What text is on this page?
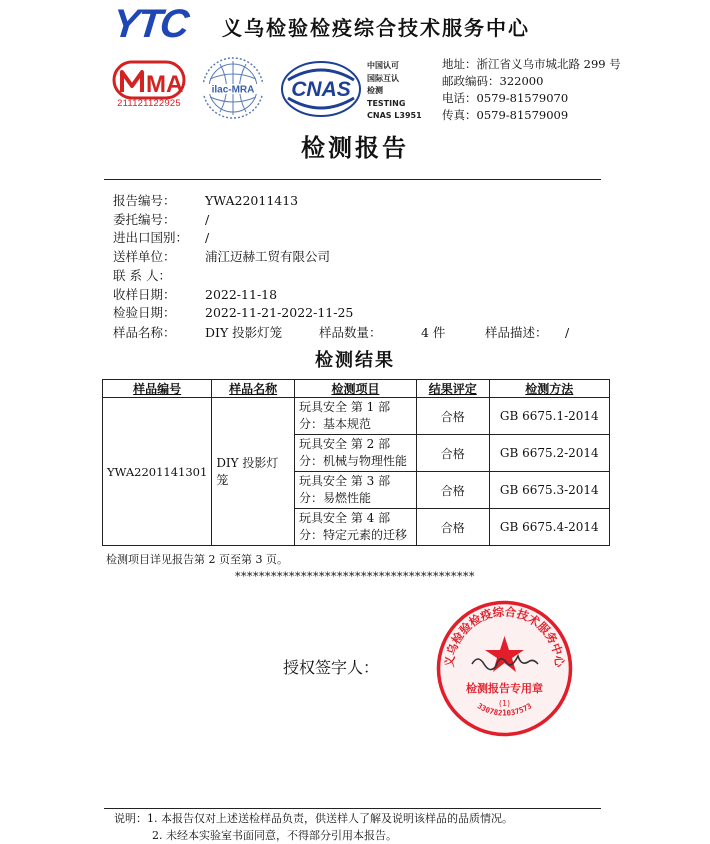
YTC 义乌检验检疫综合技术服务中心
MA
211121122925
ilac-MRA CNAS
中国认可
国际互认
检测
TESTING
CNAS L3951
地址：浙江省义乌市城北路 299 号
邮政编码：322000
电话：0579-81579070
传真：0579-81579009
检测报告
报告编号： YWA22011413
委托编号： /
进出口国别： /
送样单位： 浦江迈赫工贸有限公司
联 系 人：
收样日期： 2022-11-18
检验日期： 2022-11-21-2022-11-25
样品名称： DIY 投影灯笼	样品数量：	4 件	样品描述： /
检测结果
样品编号	样品名称	检测项目	结果评定	检测方法
YWA2201141301	DIY 投影灯笼	玩具安全 第 1 部分：基本规范	合格	GB 6675.1-2014
		玩具安全 第 2 部分：机械与物理性能	合格	GB 6675.2-2014
		玩具安全 第 3 部分：易燃性能	合格	GB 6675.3-2014
		玩具安全 第 4 部分：特定元素的迁移	合格	GB 6675.4-2014
检测项目详见报告第 2 页至第 3 页。
****************************************
授权签字人：	义乌检验检疫综合技术服务中心
检测报告专用章
(1)
3307821037573
说明：1. 本报告仅对上述送检样品负责，供送样人了解及说明该样品的品质情况。
2. 未经本实验室书面同意，不得部分引用本报告。
